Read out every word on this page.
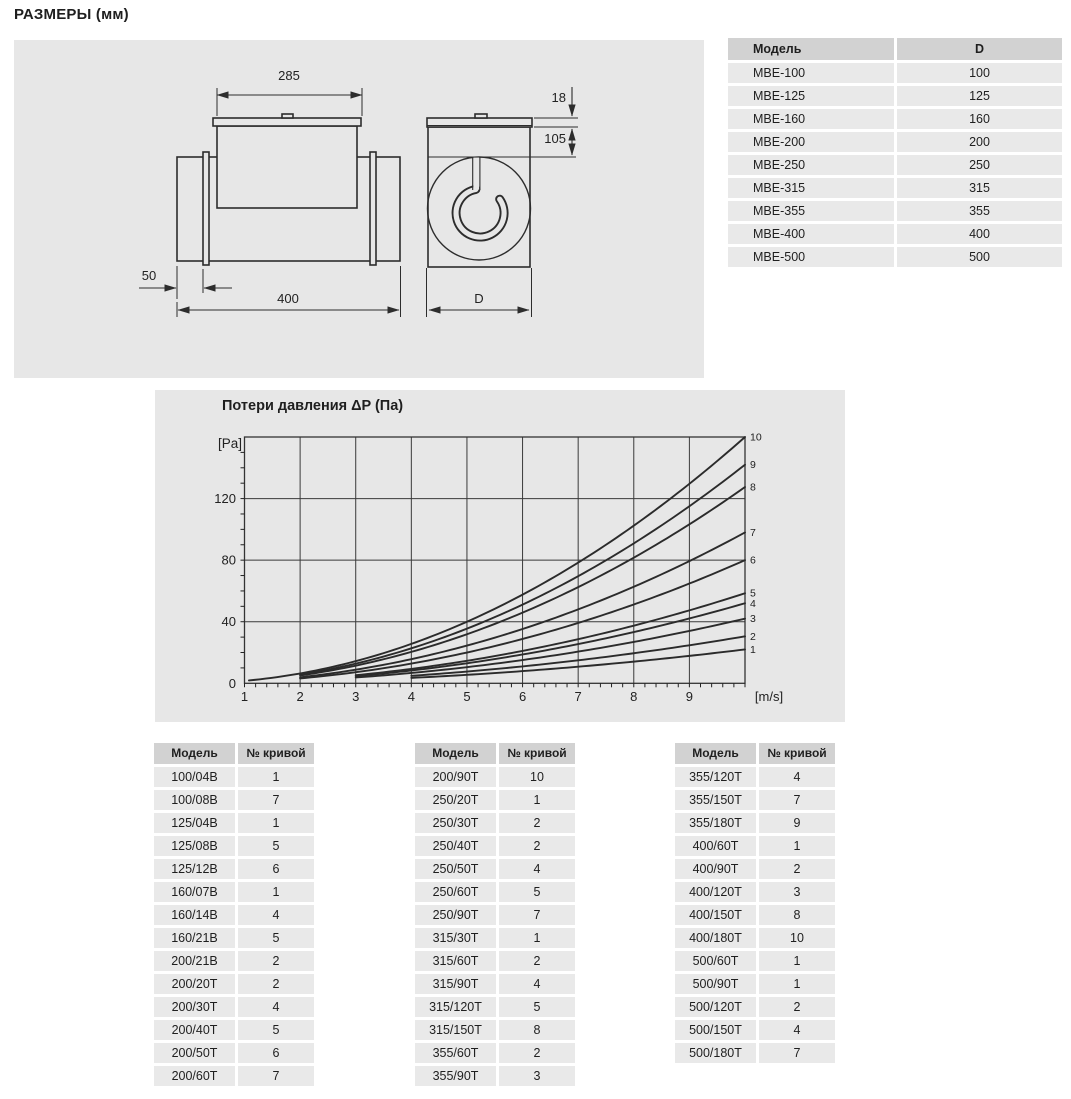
РАЗМЕРЫ (мм)
285
18
105
50
400	D
Модель	D
МВЕ-100	100
МВЕ-125	125
МВЕ-160	160
МВЕ-200	200
МВЕ-250	250
МВЕ-315	315
МВЕ-355	355
МВЕ-400	400
МВЕ-500	500
Потери давления ΔP (Па)
1	2	3	4	5	6	7	8	9	[m/s]
0
40
80
120
[Pa]
1
2
3
4
5
6
7
8
9
10
Модель	№ кривой
100/04В	1
100/08В	7
125/04В	1
125/08В	5
125/12В	6
160/07В	1
160/14В	4
160/21В	5
200/21В	2
200/20Т	2
200/30Т	4
200/40Т	5
200/50Т	6
200/60Т	7
Модель	№ кривой
200/90Т	10
250/20Т	1
250/30Т	2
250/40Т	2
250/50Т	4
250/60Т	5
250/90Т	7
315/30Т	1
315/60Т	2
315/90Т	4
315/120Т	5
315/150Т	8
355/60Т	2
355/90Т	3
Модель	№ кривой
355/120Т	4
355/150Т	7
355/180Т	9
400/60Т	1
400/90Т	2
400/120Т	3
400/150Т	8
400/180Т	10
500/60Т	1
500/90Т	1
500/120Т	2
500/150Т	4
500/180Т	7
